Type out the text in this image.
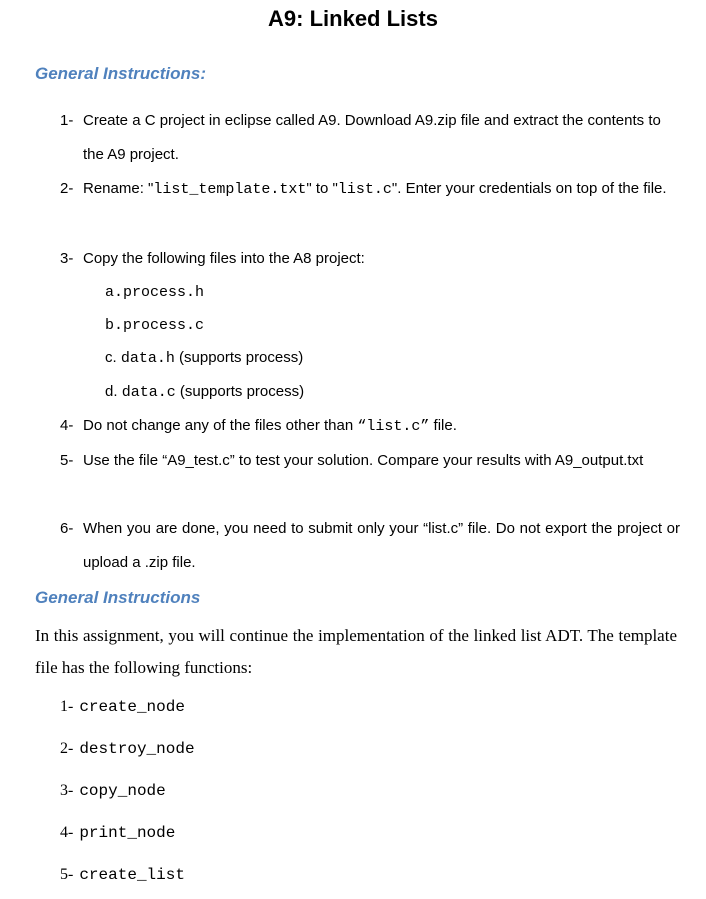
A9: Linked Lists
General Instructions:
1- Create a C project in eclipse called A9. Download A9.zip file and extract the contents to the A9 project.
2- Rename: "list_template.txt" to "list.c". Enter your credentials on top of the file.
3- Copy the following files into the A8 project:
a.process.h
b.process.c
c. data.h (supports process)
d. data.c (supports process)
4- Do not change any of the files other than “list.c” file.
5- Use the file “A9_test.c” to test your solution. Compare your results with A9_output.txt
6- When you are done, you need to submit only your “list.c” file. Do not export the project or upload a .zip file.
General Instructions
In this assignment, you will continue the implementation of the linked list ADT. The template file has the following functions:
1- create_node
2- destroy_node
3- copy_node
4- print_node
5- create_list
